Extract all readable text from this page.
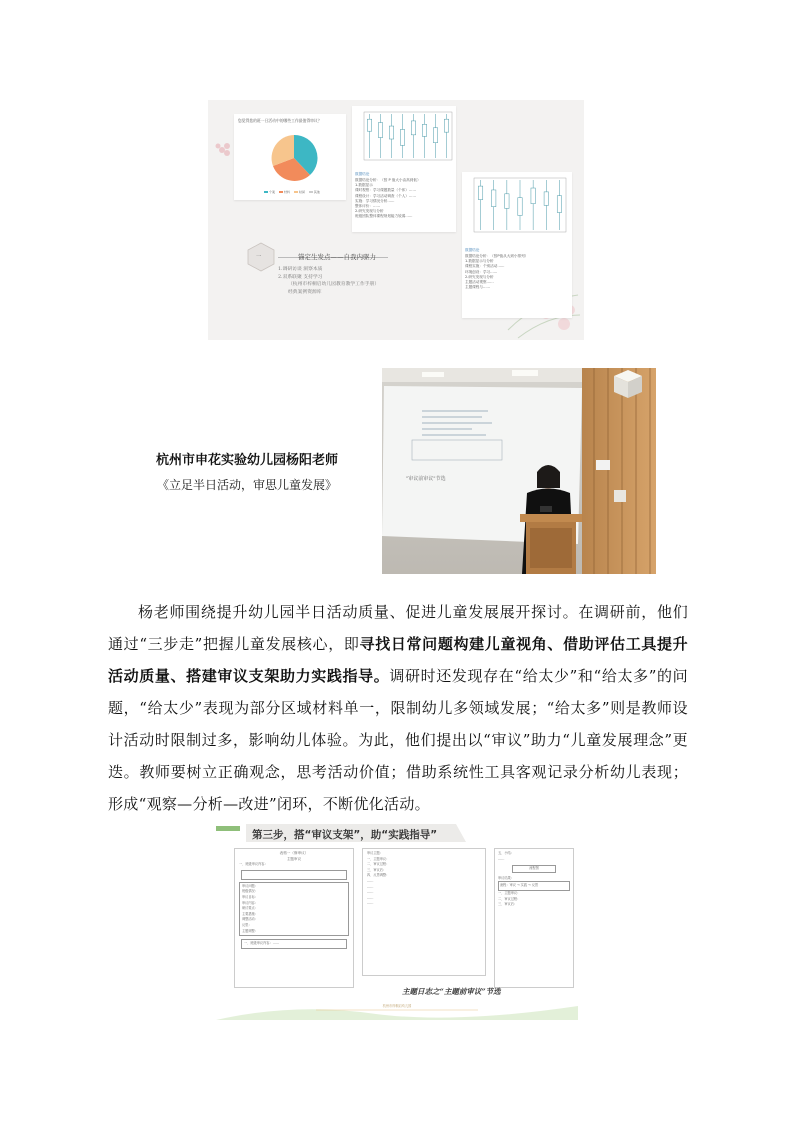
您觉得您的班一日活动中的哪些工作最值得审议？
个案	材料	时间	其他
数据结论
数据结论分析：（按 P 值大小由高到低）
1.数据显示
课时观察：学习课题数量（个体）……
课程设计：学习活动调查（个人）……
实施：学习情况分析……
整体评价：……
2.研究发现与分析
班级团队整体课程规划能力较弱……
数据结论
数据结论分析：（按P值从大到小排列）
1.数据显示与分析
课程实施：个别活动……
环境创设：学习……
2.研究发现与分析
主题活动观察……
主题课程与……
一	锚定生发点——自我内驱力
1.调研访谈 洞察本质
2.双系联聚 支持学习
（杭州市梓桐启幼儿园教育教学工作手册）
经典案例资源库
杭州市申花实验幼儿园杨阳老师
《立足半日活动，审思儿童发展》	"审议前审议"节选
杨老师围绕提升幼儿园半日活动质量、促进儿童发展展开探讨。在调研前，他们通过“三步走”把握儿童发展核心，即寻找日常问题构建儿童视角、借助评估工具提升活动质量、搭建审议支架助力实践指导。调研时还发现存在“给太少”和“给太多”的问题，“给太少”表现为部分区域材料单一，限制幼儿多领域发展；“给太多”则是教师设计活动时限制过多，影响幼儿体验。为此，他们提出以“审议”助力“儿童发展理念”更迭。教师要树立正确观念，思考活动价值；借助系统性工具客观记录分析幼儿表现；形成“观察—分析—改进”闭环，不断优化活动。
第三步，搭“审议支架”，助“实践指导”
表格一（修审议）
主题审议
一、班级审议内容：
审议问题：
班级情况：
审议目标：
审议内容：
研讨要点：
主要措施：
调整活动：
反思：
主题调整：
一、班级审议内容：……
审议主题：
一、主题审议：
二、审议过程：
三、审议后：
四、反思调整：
……
……
……
……
……
五、小结：
……
流程图
审议结果：
流程：审议 → 实践 → 反思
一、主题审议：
二、审议过程：
三、审议后：
主题日志之“主题前审议”节选
杭州市梓桐启幼儿园
